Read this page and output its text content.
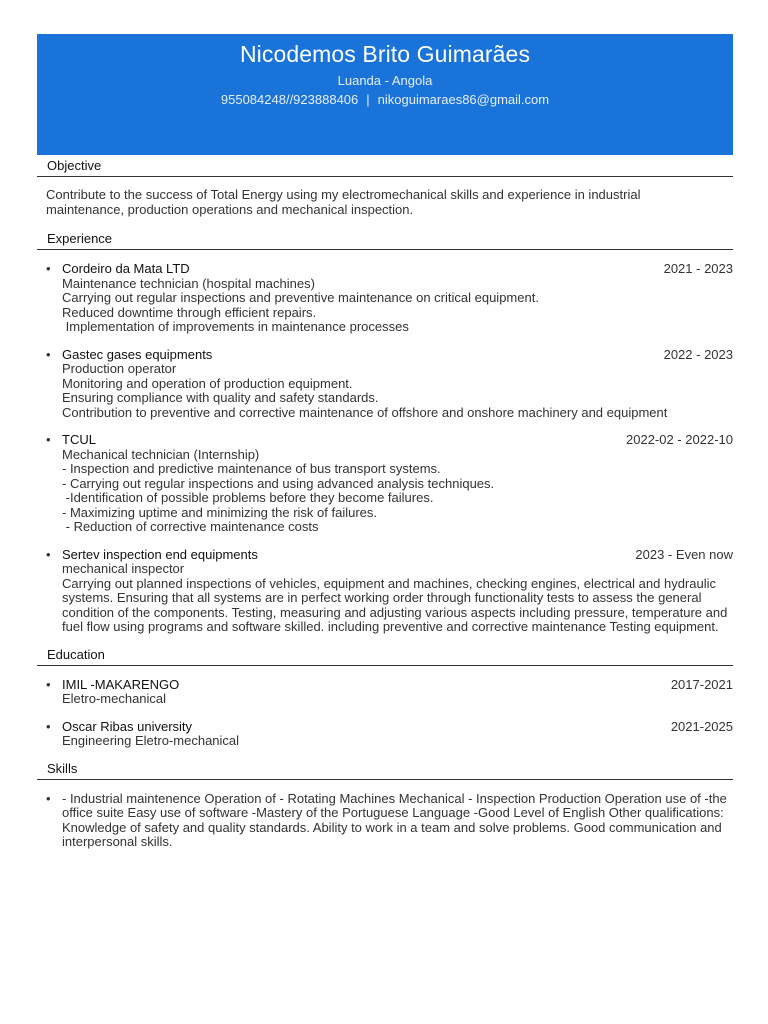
Nicodemos Brito Guimarães
Luanda - Angola
955084248//923888406 | nikoguimaraes86@gmail.com
Objective
Contribute to the success of Total Energy using my electromechanical skills and experience in industrial maintenance, production operations and mechanical inspection.
Experience
• Cordeiro da Mata LTD	2021 - 2023
Maintenance technician (hospital machines)
Carrying out regular inspections and preventive maintenance on critical equipment.
Reduced downtime through efficient repairs.
Implementation of improvements in maintenance processes
• Gastec gases equipments	2022 - 2023
Production operator
Monitoring and operation of production equipment.
Ensuring compliance with quality and safety standards.
Contribution to preventive and corrective maintenance of offshore and onshore machinery and equipment
• TCUL	2022-02 - 2022-10
Mechanical technician (Internship)
- Inspection and predictive maintenance of bus transport systems.
- Carrying out regular inspections and using advanced analysis techniques.
-Identification of possible problems before they become failures.
- Maximizing uptime and minimizing the risk of failures.
- Reduction of corrective maintenance costs
• Sertev inspection end equipments	2023 - Even now
mechanical inspector
Carrying out planned inspections of vehicles, equipment and machines, checking engines, electrical and hydraulic systems. Ensuring that all systems are in perfect working order through functionality tests to assess the general condition of the components. Testing, measuring and adjusting various aspects including pressure, temperature and fuel flow using programs and software skilled. including preventive and corrective maintenance Testing equipment.
Education
• IMIL -MAKARENGO	2017-2021
Eletro-mechanical
• Oscar Ribas university	2021-2025
Engineering Eletro-mechanical
Skills
• - Industrial maintenence Operation of - Rotating Machines Mechanical - Inspection Production Operation use of -the office suite Easy use of software -Mastery of the Portuguese Language -Good Level of English Other qualifications: Knowledge of safety and quality standards. Ability to work in a team and solve problems. Good communication and interpersonal skills.
